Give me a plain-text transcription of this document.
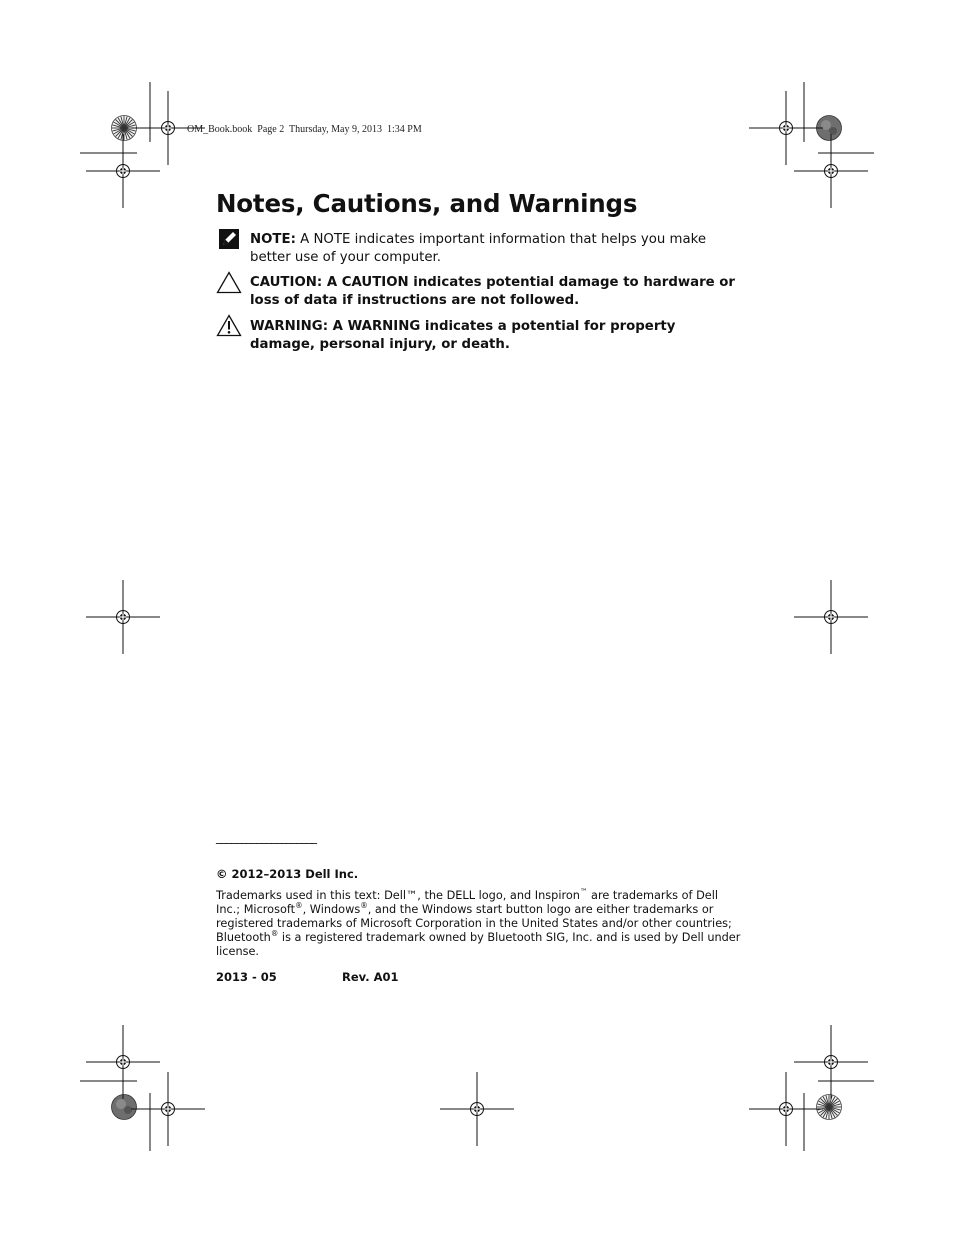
OM_Book.book  Page 2  Thursday, May 9, 2013  1:34 PM
Notes, Cautions, and Warnings
NOTE: A NOTE indicates important information that helps you make better use of your computer.
CAUTION: A CAUTION indicates potential damage to hardware or loss of data if instructions are not followed.
WARNING: A WARNING indicates a potential for property damage, personal injury, or death.
____________________
© 2012–2013 Dell Inc.
Trademarks used in this text: Dell™, the DELL logo, and Inspiron™ are trademarks of Dell Inc.; Microsoft®, Windows®, and the Windows start button logo are either trademarks or registered trademarks of Microsoft Corporation in the United States and/or other countries; Bluetooth® is a registered trademark owned by Bluetooth SIG, Inc. and is used by Dell under license.
2013 - 05	Rev. A01
